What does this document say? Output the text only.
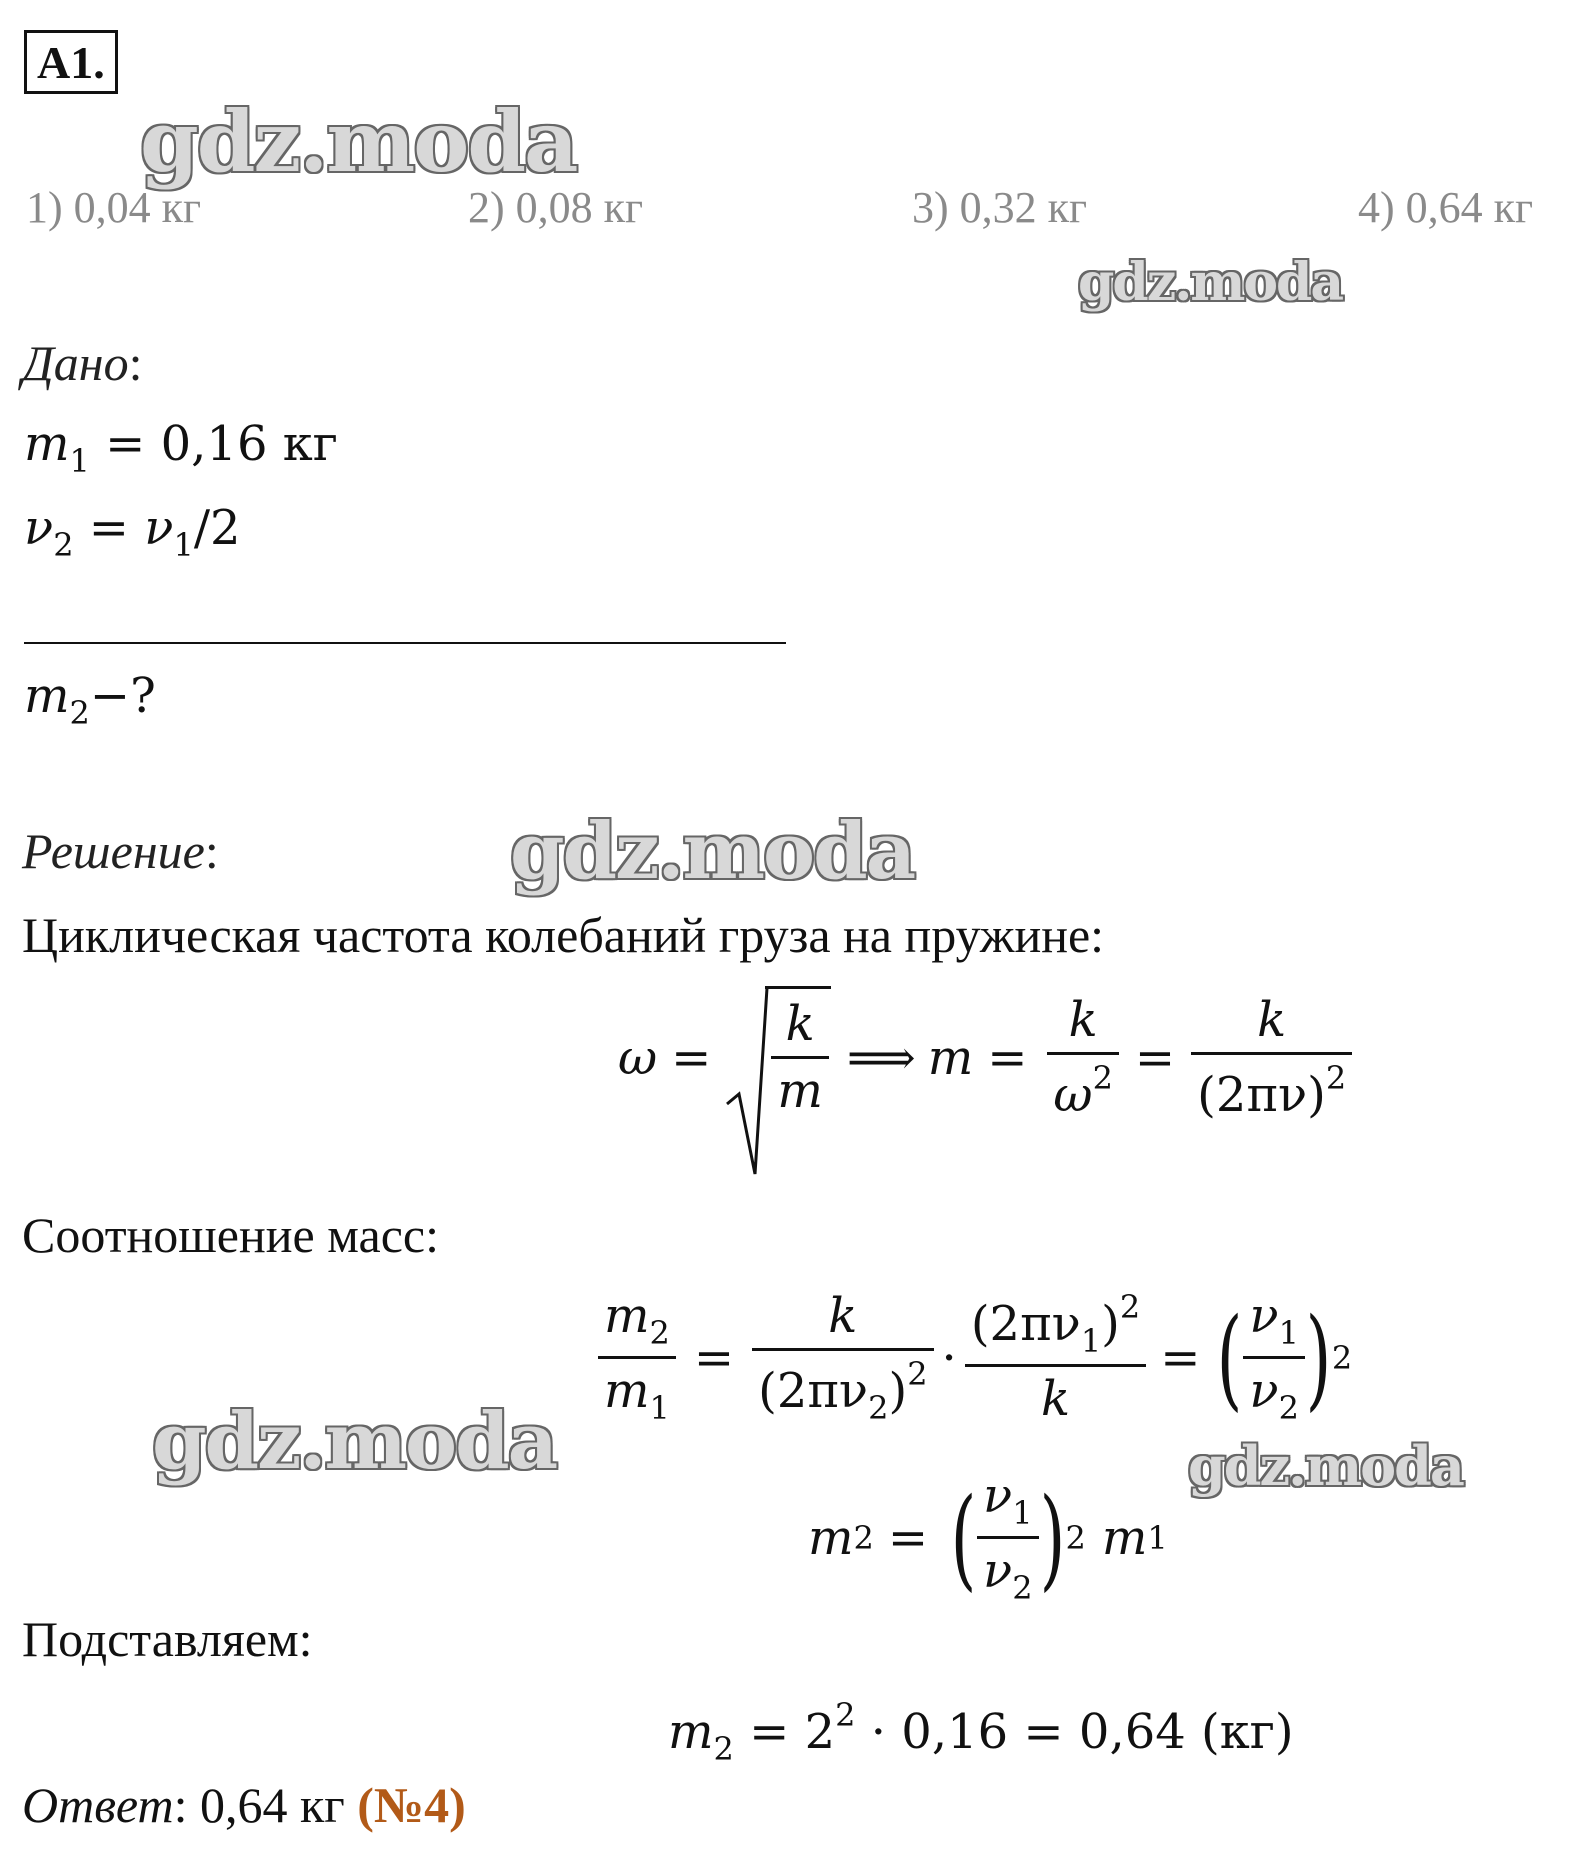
A1.
gdz.moda
gdz.moda
gdz.moda
gdz.moda	gdz.moda
1) 0,04 кг	2) 0,08 кг	3) 0,32 кг	4) 0,64 кг
Дано:
$m_1 = 0,16$ кг
$\nu_2 = \nu_1/2$
$m_2-$?
Решение:
Циклическая частота колебаний груза на пружине:
$\omega = \frac{k}{m}$ ⟹ $m = \frac{k}{\omega^2} = \frac{k}{(2\pi\nu)^2}$
Соотношение масс:
$\frac{m_2}{m_1} = \frac{k}{(2\pi\nu_2)^2} \cdot \frac{(2\pi\nu_1)^2}{k}$ = ( $\frac{\nu_1}{\nu_2}$ ) 2
m 2 = ( $\frac{\nu_1}{\nu_2}$ ) 2 m 1
Подставляем:
$m_2 = 2^2 \cdot 0,16 = 0,64$ (кг)
Ответ: 0,64 кг (№4)
